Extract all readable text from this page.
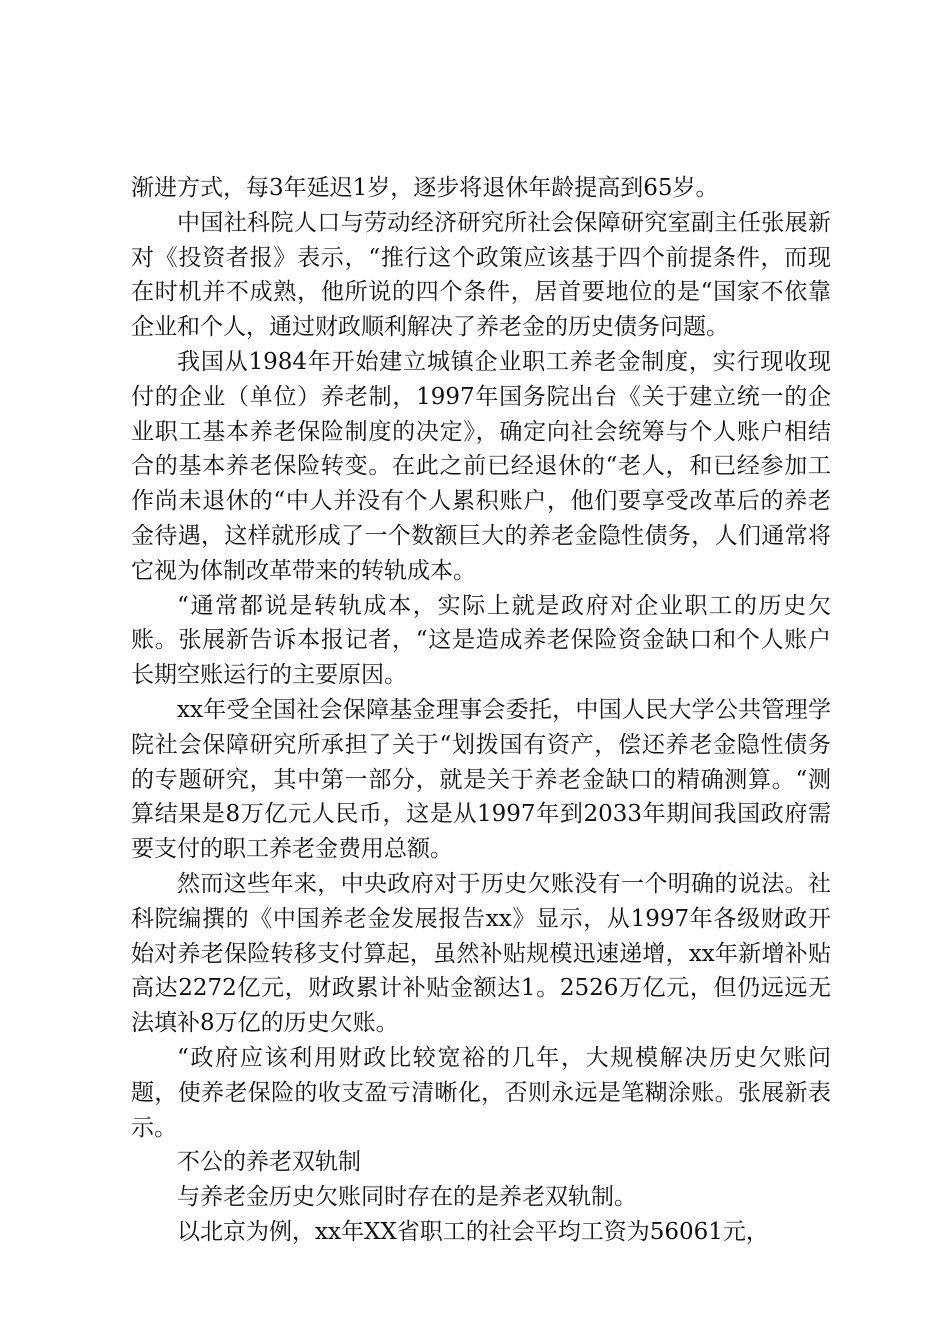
渐进方式，每3年延迟1岁，逐步将退休年龄提高到65岁。

中国社科院人口与劳动经济研究所社会保障研究室副主任张展新对《投资者报》表示，“推行这个政策应该基于四个前提条件，而现在时机并不成熟，他所说的四个条件，居首要地位的是“国家不依靠企业和个人，通过财政顺利解决了养老金的历史债务问题。

我国从1984年开始建立城镇企业职工养老金制度，实行现收现付的企业（单位）养老制，1997年国务院出台《关于建立统一的企业职工基本养老保险制度的决定》，确定向社会统筹与个人账户相结合的基本养老保险转变。在此之前已经退休的“老人，和已经参加工作尚未退休的“中人并没有个人累积账户，他们要享受改革后的养老金待遇，这样就形成了一个数额巨大的养老金隐性债务，人们通常将它视为体制改革带来的转轨成本。

“通常都说是转轨成本，实际上就是政府对企业职工的历史欠账。张展新告诉本报记者，“这是造成养老保险资金缺口和个人账户长期空账运行的主要原因。

xx年受全国社会保障基金理事会委托，中国人民大学公共管理学院社会保障研究所承担了关于“划拨国有资产，偿还养老金隐性债务的专题研究，其中第一部分，就是关于养老金缺口的精确测算。“测算结果是8万亿元人民币，这是从1997年到2033年期间我国政府需要支付的职工养老金费用总额。

然而这些年来，中央政府对于历史欠账没有一个明确的说法。社科院编撰的《中国养老金发展报告xx》显示，从1997年各级财政开始对养老保险转移支付算起，虽然补贴规模迅速递增，xx年新增补贴高达2272亿元，财政累计补贴金额达1。2526万亿元，但仍远远无法填补8万亿的历史欠账。

“政府应该利用财政比较宽裕的几年，大规模解决历史欠账问题，使养老保险的收支盈亏清晰化，否则永远是笔糊涂账。张展新表示。

不公的养老双轨制

与养老金历史欠账同时存在的是养老双轨制。

以北京为例，xx年XX省职工的社会平均工资为56061元，
